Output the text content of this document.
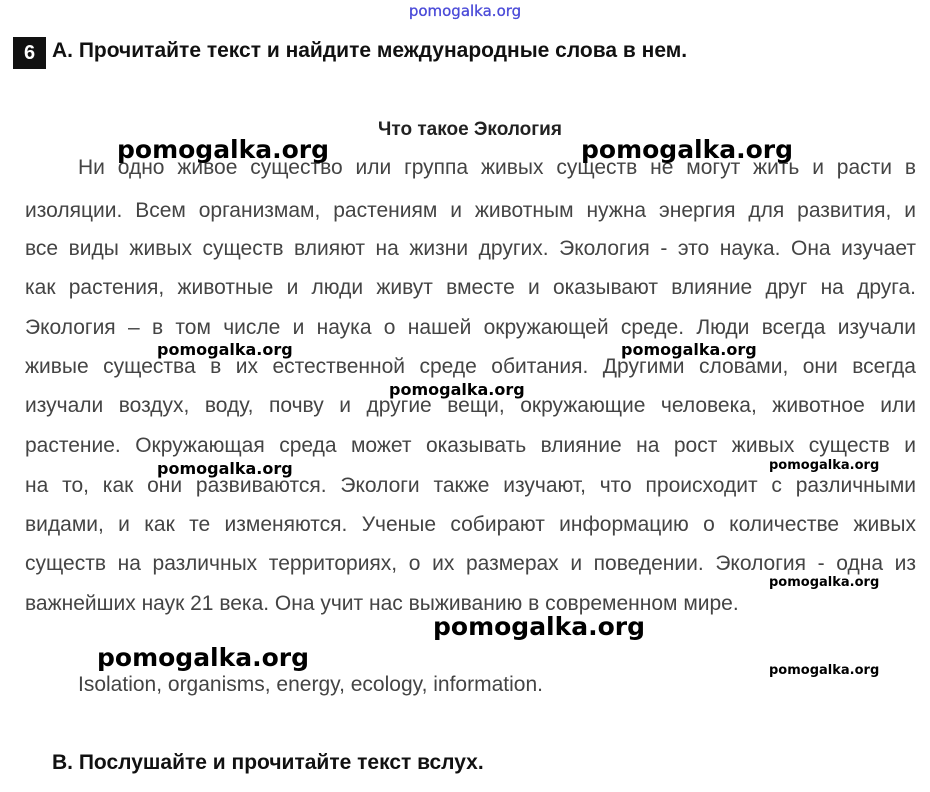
pomogalka.org
6 A. Прочитайте текст и найдите международные слова в нем.
Что такое Экология
Ни одно живое существо или группа живых существ не могут жить и расти в
изоляции. Всем организмам, растениям и животным нужна энергия для развития, и
все виды живых существ влияют на жизни других. Экология - это наука. Она изучает
как растения, животные и люди живут вместе и оказывают влияние друг на друга.
Экология – в том числе и наука о нашей окружающей среде. Люди всегда изучали
живые существа в их естественной среде обитания. Другими словами, они всегда
изучали воздух, воду, почву и другие вещи, окружающие человека, животное или
растение. Окружающая среда может оказывать влияние на рост живых существ и
на то, как они развиваются. Экологи также изучают, что происходит с различными
видами, и как те изменяются. Ученые собирают информацию о количестве живых
существ на различных территориях, о их размерах и поведении. Экология - одна из
важнейших наук 21 века. Она учит нас выживанию в современном мире.
Isolation, organisms, energy, ecology, information.
B. Послушайте и прочитайте текст вслух.
pomogalka.org	pomogalka.org
pomogalka.org	pomogalka.org
pomogalka.org
pomogalka.org	pomogalka.org
pomogalka.org
pomogalka.org
pomogalka.org	pomogalka.org
